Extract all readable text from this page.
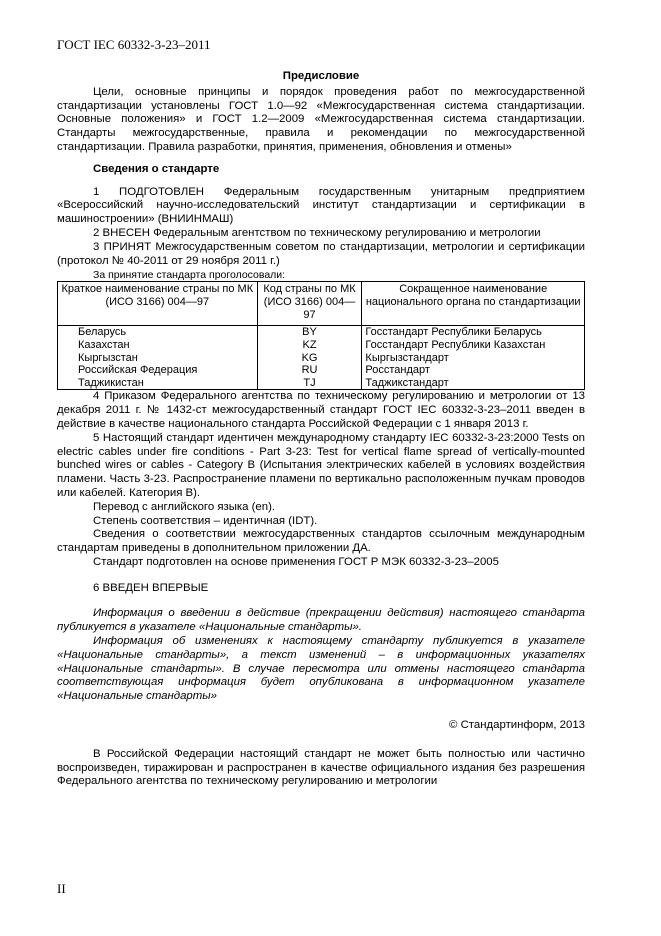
ГОСТ IEC 60332-3-23–2011
Предисловие

Цели, основные принципы и порядок проведения работ по межгосударственной стандартизации установлены ГОСТ 1.0—92 «Межгосударственная система стандартизации. Основные положения» и ГОСТ 1.2—2009 «Межгосударственная система стандартизации. Стандарты межгосударственные, правила и рекомендации по межгосударственной стандартизации. Правила разработки, принятия, применения, обновления и отмены»

Сведения о стандарте

1 ПОДГОТОВЛЕН Федеральным государственным унитарным предприятием «Всероссийский научно-исследовательский институт стандартизации и сертификации в машиностроении» (ВНИИНМАШ)

2 ВНЕСЕН Федеральным агентством по техническому регулированию и метрологии

3 ПРИНЯТ Межгосударственным советом по стандартизации, метрологии и сертификации (протокол № 40-2011 от 29 ноября 2011 г.)

За принятие стандарта проголосовали:

Краткое наименование страны по МК (ИСО 3166) 004—97	Код страны по МК (ИСО 3166) 004—97	Сокращенное наименование национального органа по стандартизации
Беларусь	BY	Госстандарт Республики Беларусь
Казахстан	KZ	Госстандарт Республики Казахстан
Кыргызстан	KG	Кыргызстандарт
Российская Федерация	RU	Росстандарт
Таджикистан	TJ	Таджикстандарт

4 Приказом Федерального агентства по техническому регулированию и метрологии от 13 декабря 2011 г. № 1432-ст межгосударственный стандарт ГОСТ IEC 60332-3-23–2011 введен в действие в качестве национального стандарта Российской Федерации с 1 января 2013 г.

5 Настоящий стандарт идентичен международному стандарту IEC 60332-3-23:2000 Tests on electric cables under fire conditions - Part 3-23: Test for vertical flame spread of vertically-mounted bunched wires or cables - Category B (Испытания электрических кабелей в условиях воздействия пламени. Часть 3-23. Распространение пламени по вертикально расположенным пучкам проводов или кабелей. Категория В).

Перевод с английского языка (en).

Степень соответствия – идентичная (IDT).

Сведения о соответствии межгосударственных стандартов ссылочным международным стандартам приведены в дополнительном приложении ДА.

Стандарт подготовлен на основе применения ГОСТ Р МЭК 60332-3-23–2005

6 ВВЕДЕН ВПЕРВЫЕ

Информация о введении в действие (прекращении действия) настоящего стандарта публикуется в указателе «Национальные стандарты».

Информация об изменениях к настоящему стандарту публикуется в указателе «Национальные стандарты», а текст изменений – в информационных указателях «Национальные стандарты». В случае пересмотра или отмены настоящего стандарта соответствующая информация будет опубликована в информационном указателе «Национальные стандарты»

© Стандартинформ, 2013

В Российской Федерации настоящий стандарт не может быть полностью или частично воспроизведен, тиражирован и распространен в качестве официального издания без разрешения Федерального агентства по техническому регулированию и метрологии

II
